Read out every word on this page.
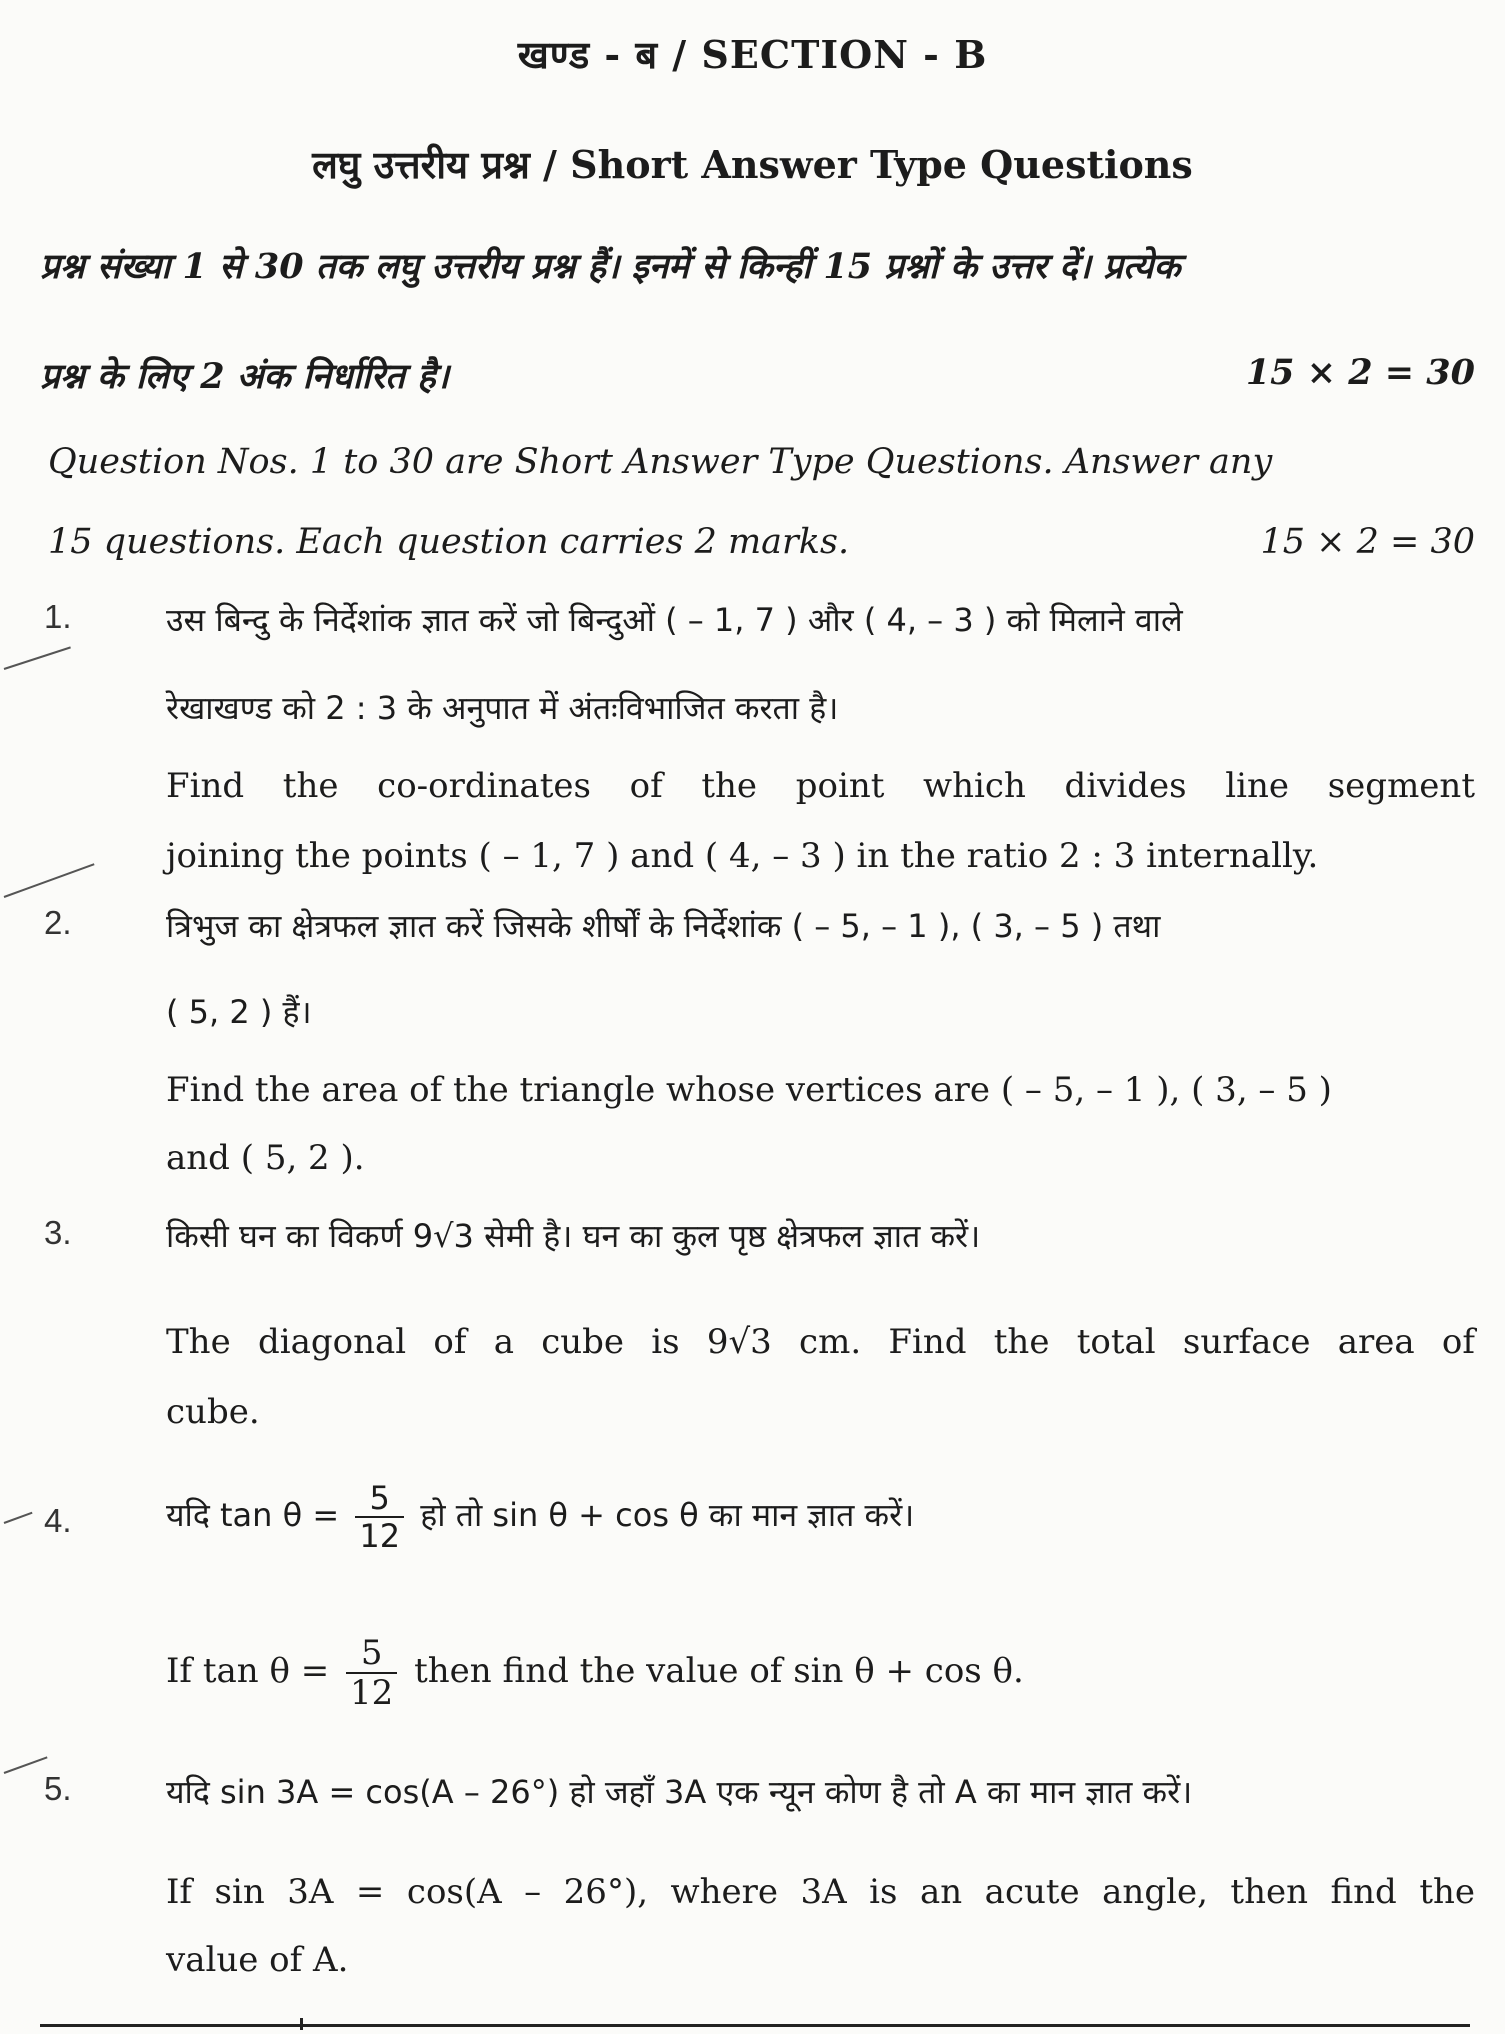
खण्ड - ब / SECTION - B
लघु उत्तरीय प्रश्न / Short Answer Type Questions
प्रश्न संख्या 1 से 30 तक लघु उत्तरीय प्रश्न हैं। इनमें से किन्हीं 15 प्रश्नों के उत्तर दें। प्रत्येक
प्रश्न के लिए 2 अंक निर्धारित है।	15 × 2 = 30
Question Nos. 1 to 30 are Short Answer Type Questions. Answer any
15 questions. Each question carries 2 marks.	15 × 2 = 30
1.	उस बिन्दु के निर्देशांक ज्ञात करें जो बिन्दुओं ( – 1, 7 ) और ( 4, – 3 ) को मिलाने वाले
रेखाखण्ड को 2 : 3 के अनुपात में अंतःविभाजित करता है।
Find the co-ordinates of the point which divides line segment
joining the points ( – 1, 7 ) and ( 4, – 3 ) in the ratio 2 : 3 internally.
2.	त्रिभुज का क्षेत्रफल ज्ञात करें जिसके शीर्षों के निर्देशांक ( – 5, – 1 ), ( 3, – 5 ) तथा
( 5, 2 ) हैं।
Find the area of the triangle whose vertices are ( – 5, – 1 ), ( 3, – 5 )
and ( 5, 2 ).
3.	किसी घन का विकर्ण 9√3 सेमी है। घन का कुल पृष्ठ क्षेत्रफल ज्ञात करें।
The diagonal of a cube is 9√3 cm. Find the total surface area of
cube.
4.	यदि $\tan \theta = \frac{5}{12}$ हो तो sin θ + cos θ का मान ज्ञात करें।
If $\tan \theta = \frac{5}{12}$ then find the value of sin θ + cos θ.
5.	यदि sin 3A = cos(A – 26°) हो जहाँ 3A एक न्यून कोण है तो A का मान ज्ञात करें।
If sin 3A = cos(A – 26°), where 3A is an acute angle, then find the
value of A.
